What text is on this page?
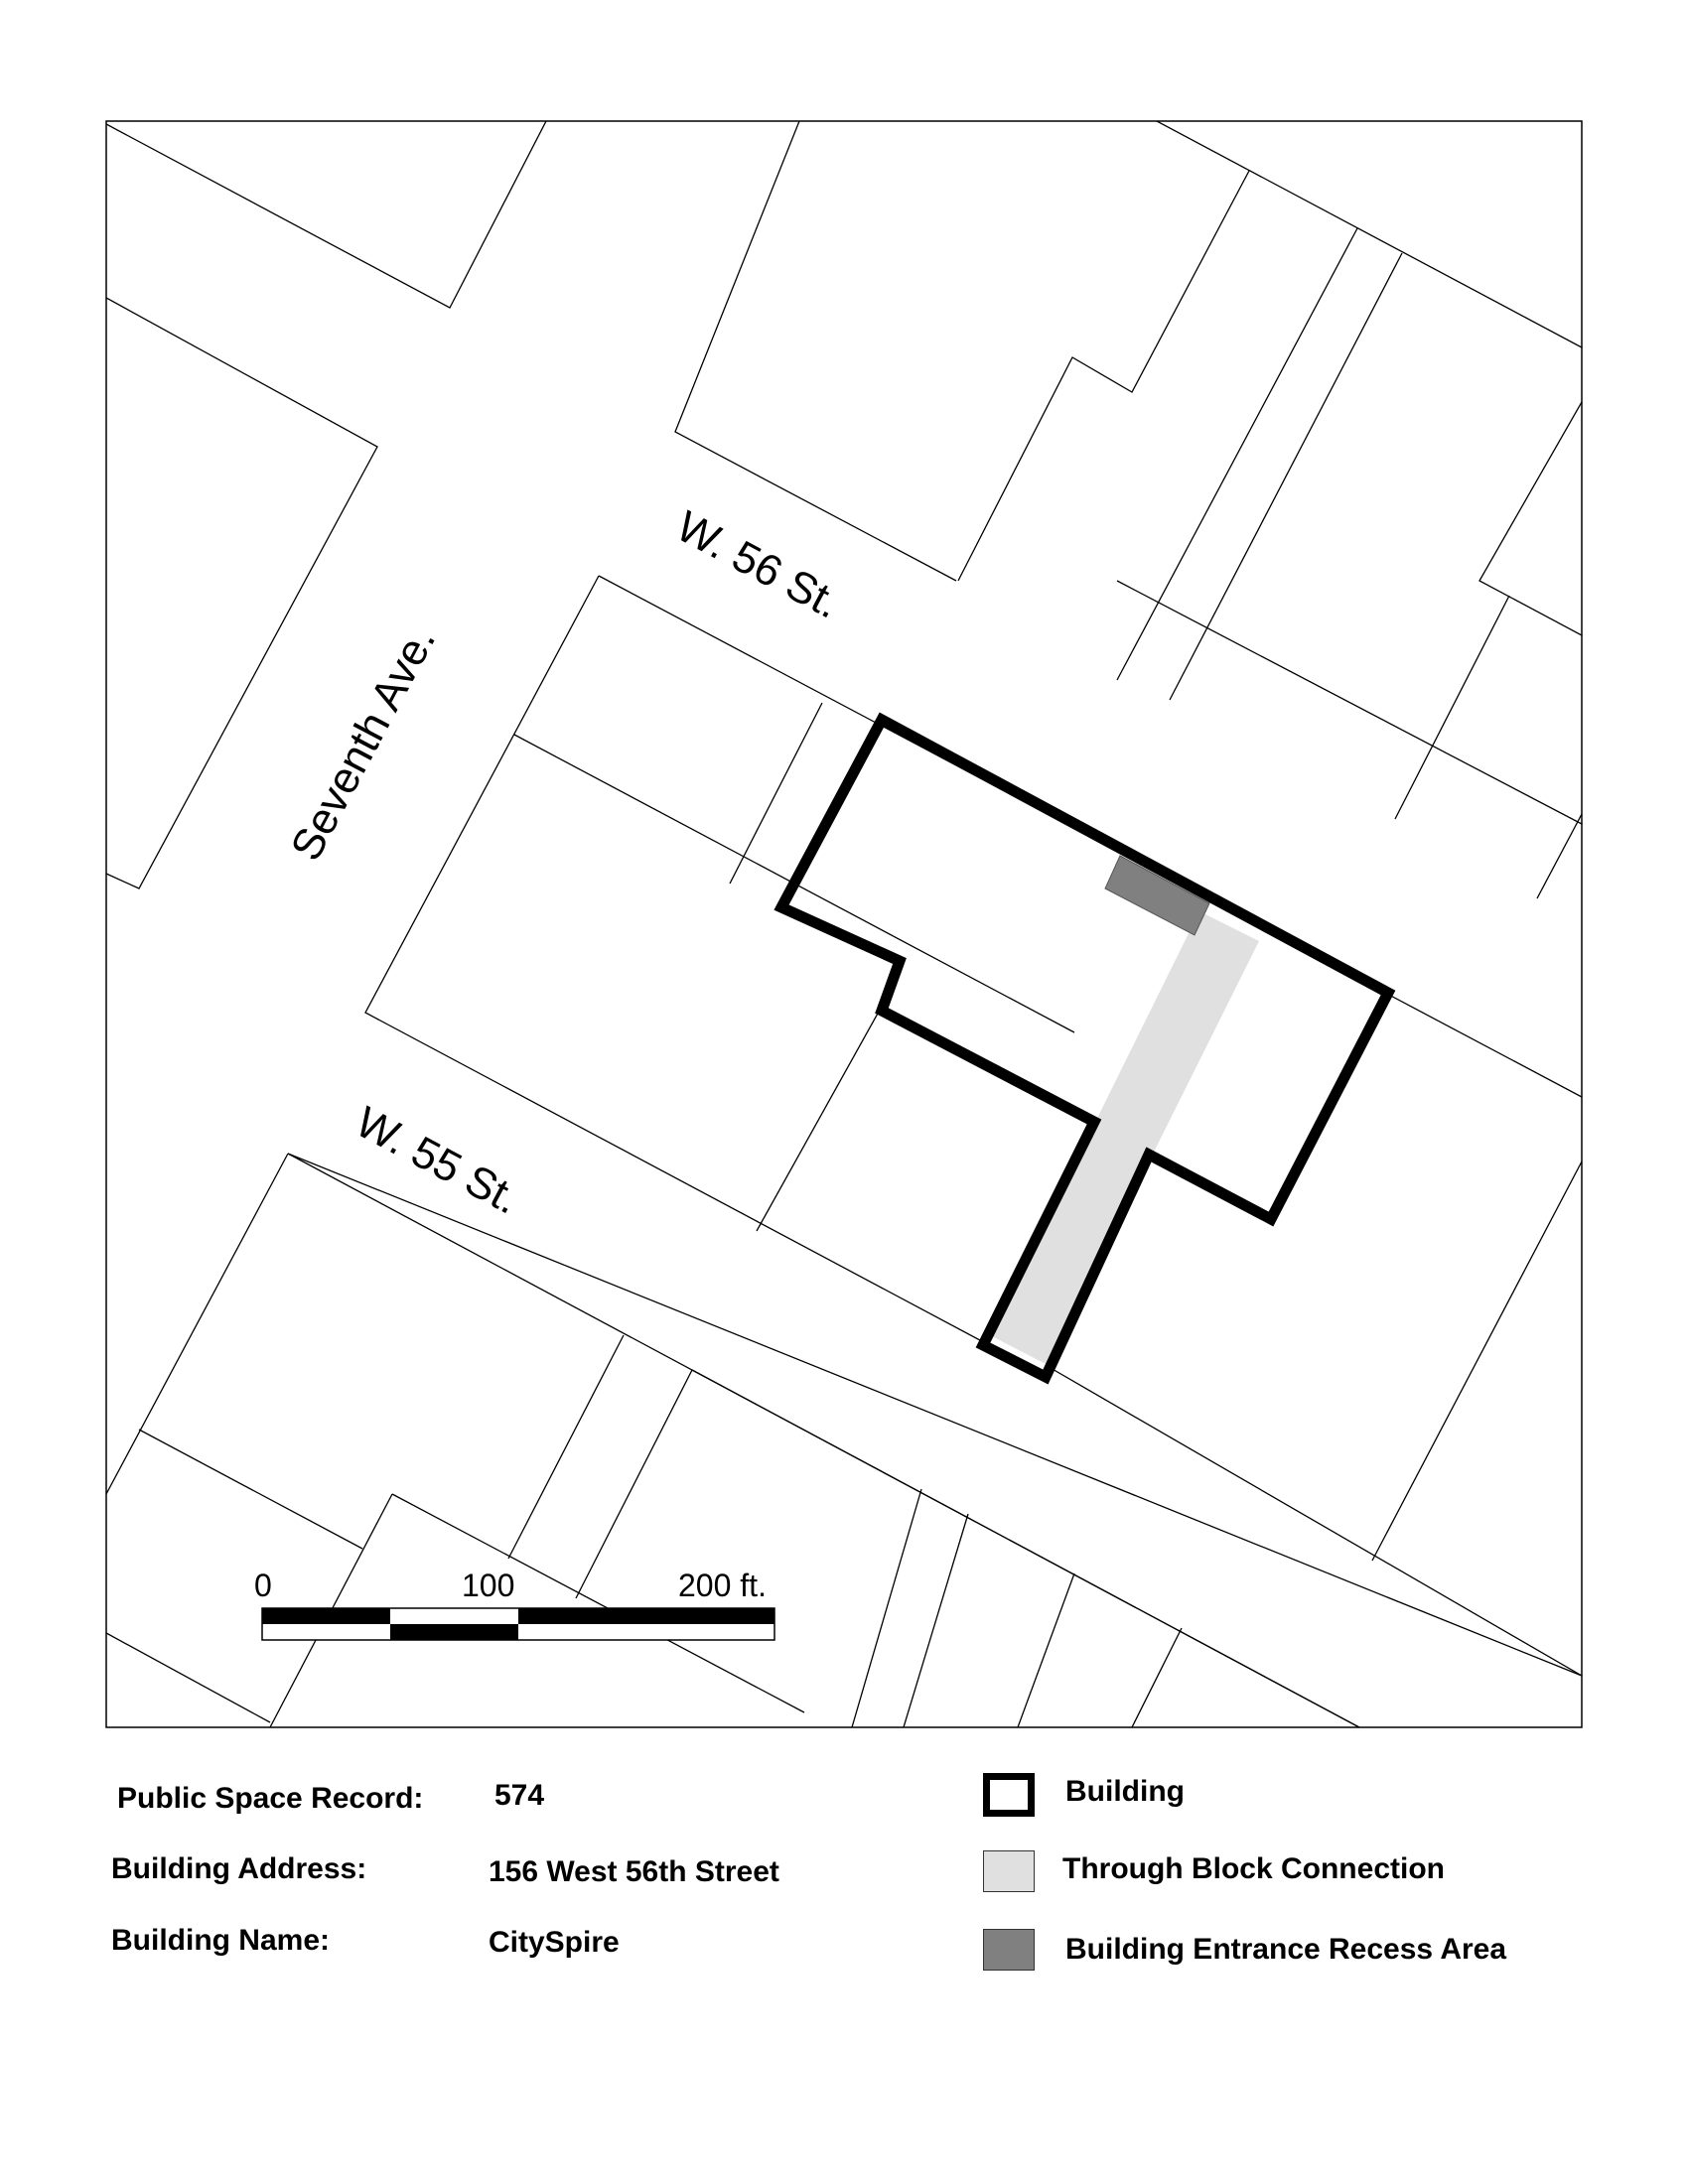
W. 56 St.
W. 55 St.
Seventh Ave.
0	100	200 ft.
Public Space Record: 574
Building Address:	156 West 56th Street
Building Name:	CitySpire
Building
Through Block Connection
Building Entrance Recess Area
